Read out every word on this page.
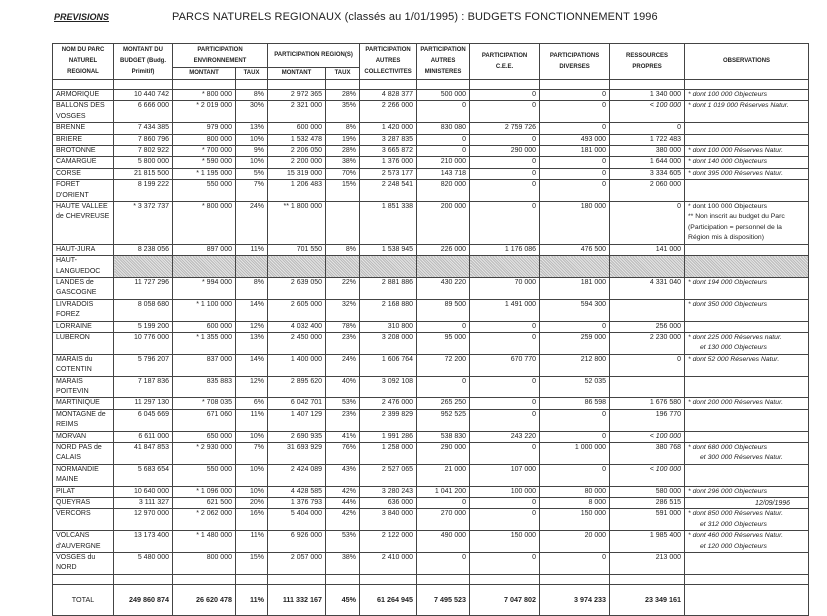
PREVISIONS	PARCS NATURELS REGIONAUX (classés au 1/01/1995) : BUDGETS FONCTIONNEMENT 1996
NOM DU PARC NATUREL REGIONAL	MONTANT DU BUDGET (Budg. Primitif)	PARTICIPATION ENVIRONNEMENT		PARTICIPATION REGION(S)		PARTICIPATION AUTRES COLLECTIVITES	PARTICIPATION AUTRES MINISTERES	PARTICIPATION C.E.E.	PARTICIPATIONS DIVERSES	RESSOURCES PROPRES	OBSERVATIONS
		MONTANT	TAUX	MONTANT	TAUX						

ARMORIQUE	10 440 742	* 800 000	8%	2 972 365	28%	4 828 377	500 000	0	0	1 340 000	* dont 100 000 Objecteurs

BALLONS DES VOSGES	6 666 000	* 2 019 000	30%	2 321 000	35%	2 266 000	0	0	0	< 100 000	* dont 1 019 000 Réserves Natur.

BRENNE	7 434 385	979 000	13%	600 000	8%	1 420 000	830 080	2 759 726	0	0	
BRIERE	7 860 796	800 000	10%	1 532 478	19%	3 287 835	0	0	493 000	1 722 483	
BROTONNE	7 802 922	* 700 000	9%	2 206 050	28%	3 665 872	0	290 000	181 000	380 000	* dont 100 000 Réserves Natur.

CAMARGUE	5 800 000	* 590 000	10%	2 200 000	38%	1 376 000	210 000	0	0	1 644 000	* dont 140 000 Objecteurs

CORSE	21 815 500	* 1 195 000	5%	15 319 000	70%	2 573 177	143 718	0	0	3 334 605	* dont 395 000 Réserves Natur.

FORET D'ORIENT	8 199 222	550 000	7%	1 206 483	15%	2 248 541	820 000	0	0	2 060 000	
HAUTE VALLEE de CHEVREUSE	* 3 372 737	* 800 000	24%	** 1 800 000		1 851 338	200 000	0	180 000	0	* dont 100 000 Objecteurs
** Non inscrit au budget du Parc
(Participation = personnel de la
Région mis à disposition)

HAUT-JURA	8 238 056	897 000	11%	701 550	8%	1 538 945	226 000	1 176 086	476 500	141 000	
HAUT-LANGUEDOC											
LANDES de GASCOGNE	11 727 296	* 994 000	8%	2 639 050	22%	2 881 886	430 220	70 000	181 000	4 331 040	* dont 194 000 Objecteurs

LIVRADOIS FOREZ	8 058 680	* 1 100 000	14%	2 605 000	32%	2 168 880	89 500	1 491 000	594 300		* dont 350 000 Objecteurs

LORRAINE	5 199 200	600 000	12%	4 032 400	78%	310 800	0	0	0	256 000	
LUBERON	10 776 000	* 1 355 000	13%	2 450 000	23%	3 208 000	95 000	0	259 000	2 230 000	* dont 225 000 Réserves natur.
et 130 000 Objecteurs

MARAIS du COTENTIN	5 796 207	837 000	14%	1 400 000	24%	1 606 764	72 200	670 770	212 800	0	* dont 52 000 Réserves Natur.

MARAIS POITEVIN	7 187 836	835 883	12%	2 895 620	40%	3 092 108	0	0	52 035		
MARTINIQUE	11 297 130	* 708 035	6%	6 042 701	53%	2 476 000	265 250	0	86 598	1 676 580	* dont 200 000 Réserves Natur.

MONTAGNE de REIMS	6 045 669	671 060	11%	1 407 129	23%	2 399 829	952 525	0	0	196 770	
MORVAN	6 611 000	650 000	10%	2 690 935	41%	1 991 286	538 830	243 220	0	< 100 000	
NORD PAS de CALAIS	41 847 853	* 2 930 000	7%	31 693 929	76%	1 258 000	290 000	0	1 000 000	380 768	* dont 680 000 Objecteurs
et 300 000 Réserves Natur.

NORMANDIE MAINE	5 683 654	550 000	10%	2 424 089	43%	2 527 065	21 000	107 000	0	< 100 000	
PILAT	10 640 000	* 1 096 000	10%	4 428 585	42%	3 280 243	1 041 200	100 000	80 000	580 000	* dont 296 000 Objecteurs

QUEYRAS	3 111 327	621 500	20%	1 376 793	44%	636 000	0	0	8 000	286 515	
VERCORS	12 970 000	* 2 062 000	16%	5 404 000	42%	3 840 000	270 000	0	150 000	591 000	* dont 850 000 Réserves Natur.
et 312 000 Objecteurs

VOLCANS d'AUVERGNE	13 173 400	* 1 480 000	11%	6 926 000	53%	2 122 000	490 000	150 000	20 000	1 985 400	* dont 460 000 Réserves Natur.
et 120 000 Objecteurs

VOSGES du NORD	5 480 000	800 000	15%	2 057 000	38%	2 410 000	0	0	0	213 000	

TOTAL	249 860 874	26 620 478	11%	111 332 167	45%	61 264 945	7 495 523	7 047 802	3 974 233	23 349 161	
12/09/1996
